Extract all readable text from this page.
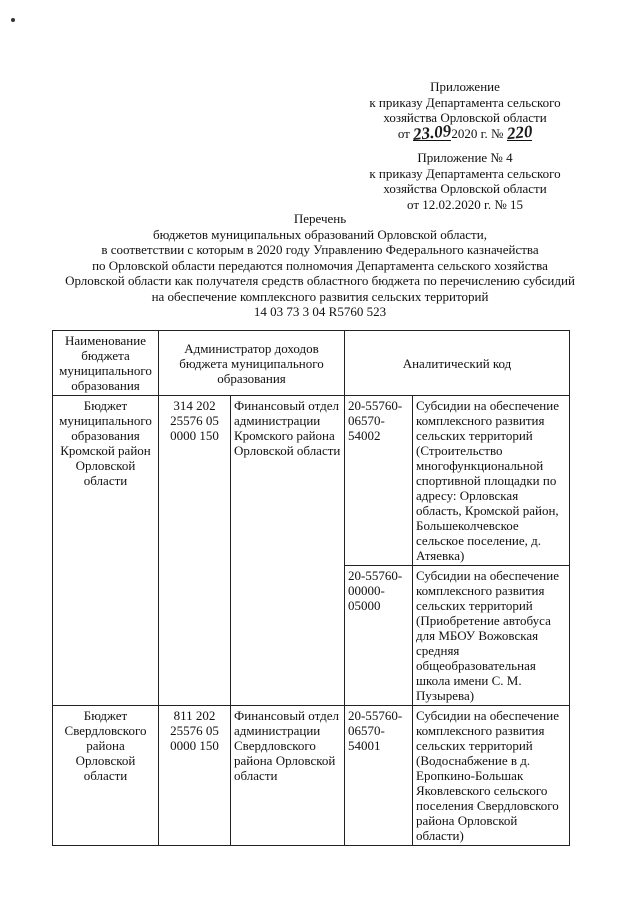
Приложение
к приказу Департамента сельского
хозяйства Орловской области
от 23.092020 г. № 220
Приложение № 4
к приказу Департамента сельского
хозяйства Орловской области
от 12.02.2020 г. № 15
Перечень
бюджетов муниципальных образований Орловской области,
в соответствии с которым в 2020 году Управлению Федерального казначейства
по Орловской области передаются полномочия Департамента сельского хозяйства
Орловской области как получателя средств областного бюджета по перечислению субсидий
на обеспечение комплексного развития сельских территорий
14 03 73 3 04 R5760 523
Наименование бюджета муниципального образования	Администратор доходов бюджета муниципального образования		Аналитический код	
Бюджет муниципального образования Кромской район Орловской области	314 202 25576 05 0000 150	Финансовый отдел администрации Кромского района Орловской области	20-55760-06570-54002	Субсидии на обеспечение комплексного развития сельских территорий (Строительство многофункциональной спортивной площадки по адресу: Орловская область, Кромской район, Большеколчевское сельское поселение, д. Атяевка)
			20-55760-00000-05000	Субсидии на обеспечение комплексного развития сельских территорий (Приобретение автобуса для МБОУ Вожовская средняя общеобразовательная школа имени С. М. Пузырева)
Бюджет Свердловского района Орловской области	811 202 25576 05 0000 150	Финансовый отдел администрации Свердловского района Орловской области	20-55760-06570-54001	Субсидии на обеспечение комплексного развития сельских территорий (Водоснабжение в д. Еропкино-Большак Яковлевского сельского поселения Свердловского района Орловской области)
